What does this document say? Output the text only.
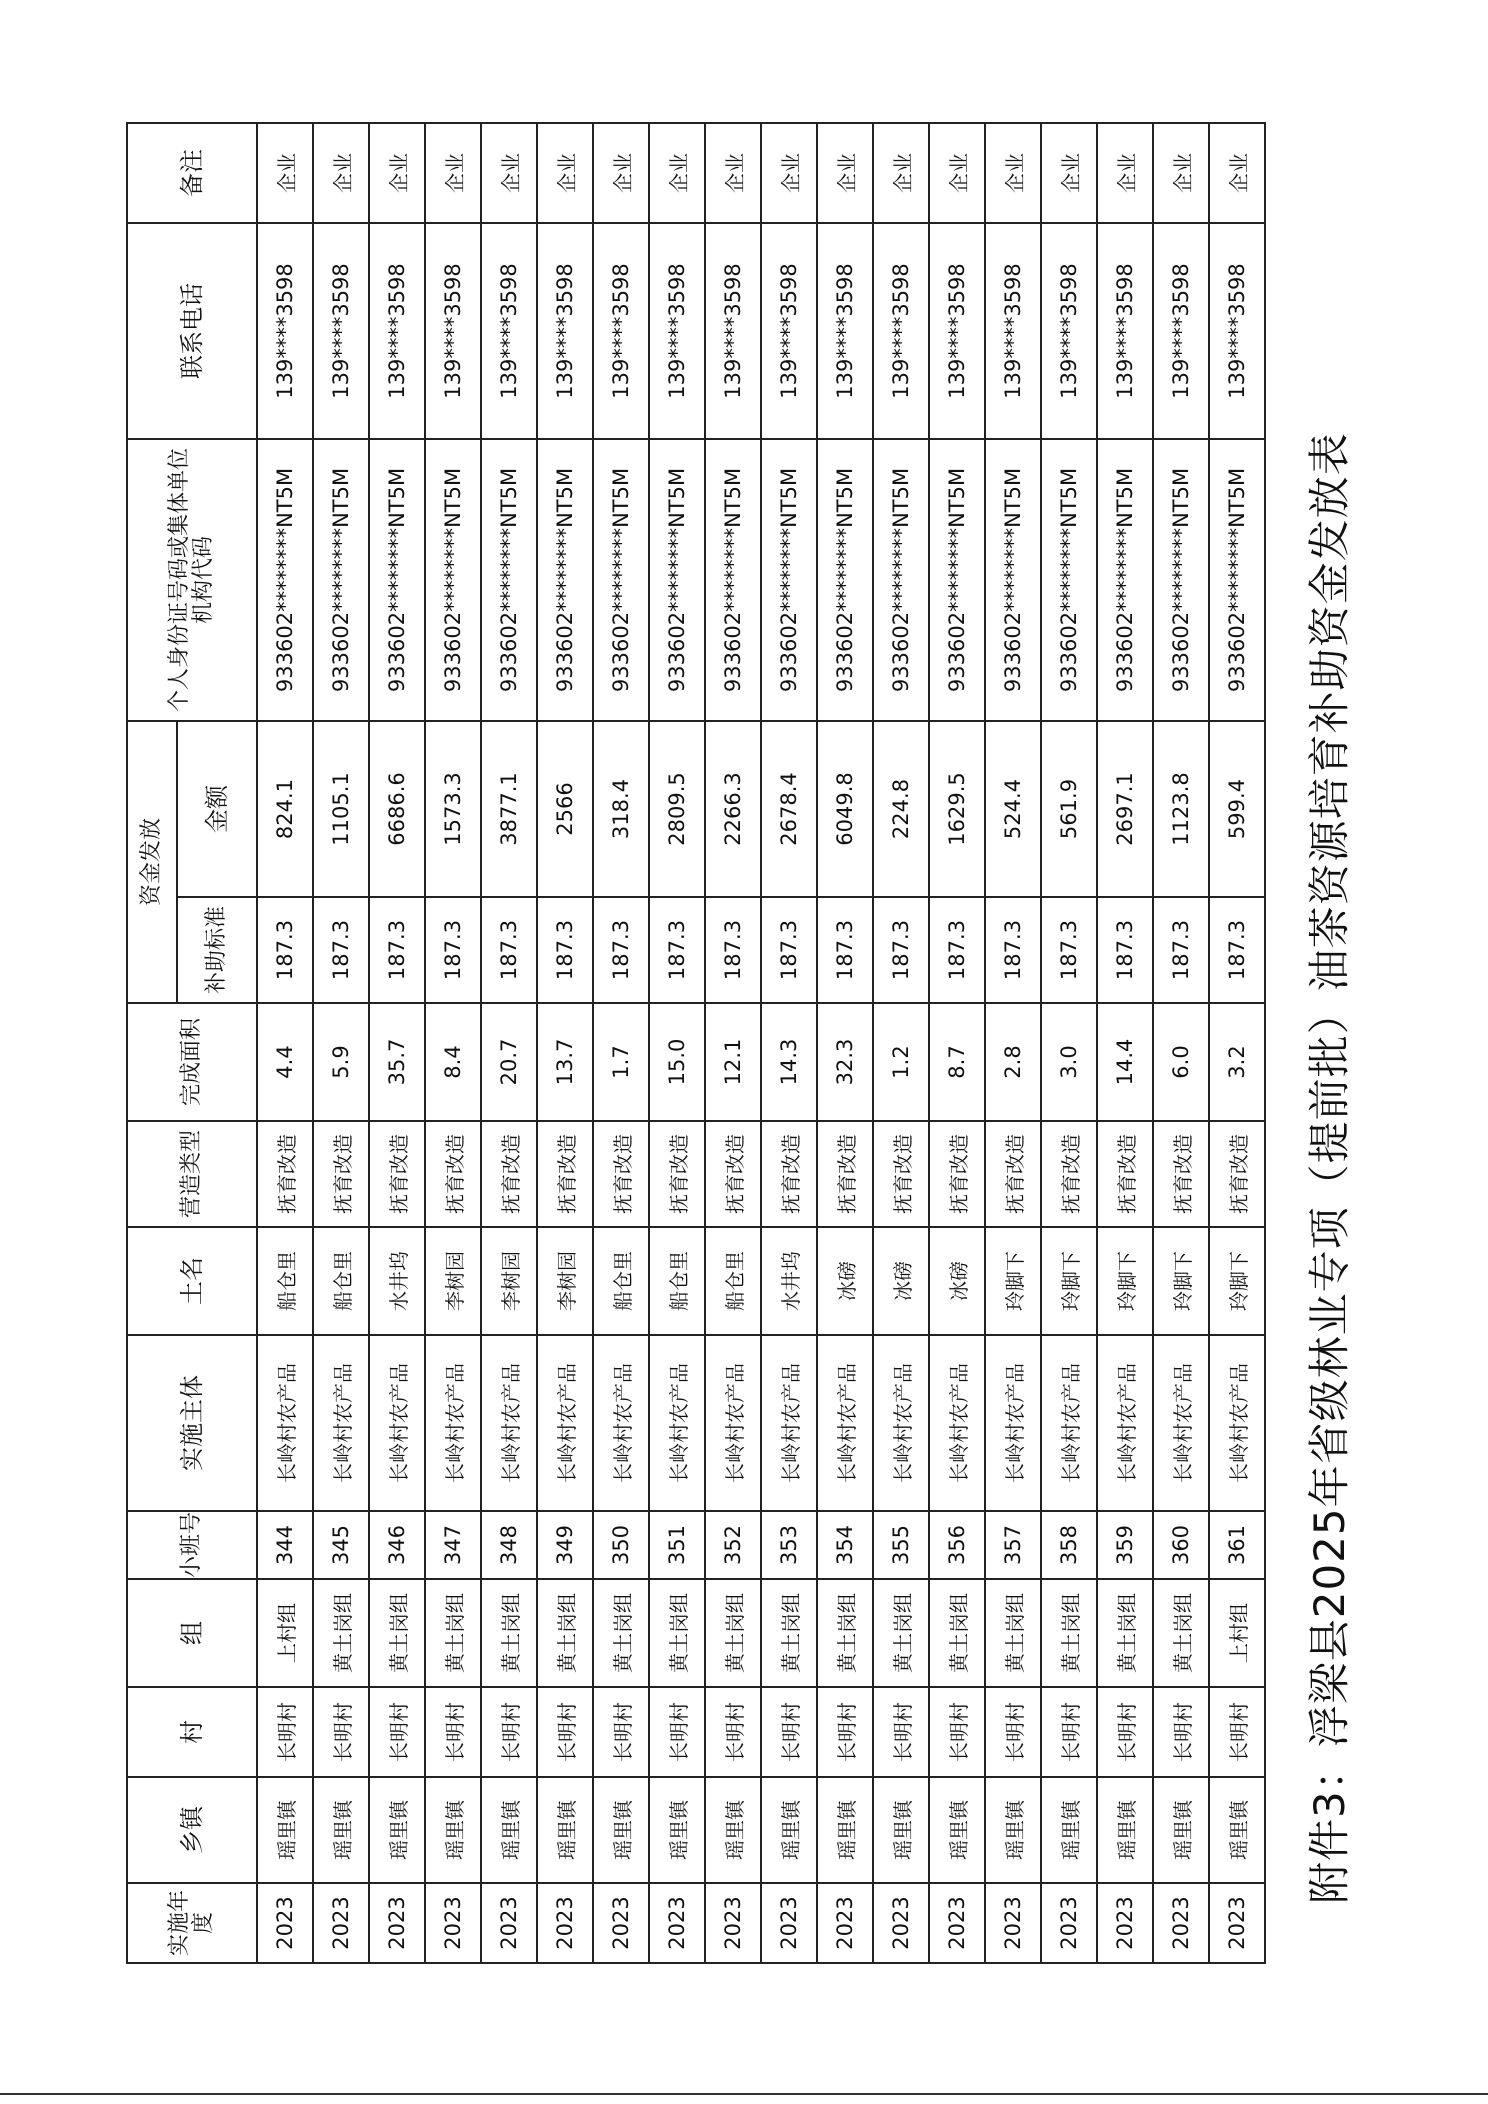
附件3：浮梁县2025年省级林业专项（提前批）油茶资源培育补助资金发放表
实施年度	乡镇	村	组	小班号	实施主体	土名	营造类型	完成面积	资金发放		个人身份证号码或集体单位机构代码	联系电话	备注
									补助标准	金额			
2023	瑶里镇	长明村	上村组	344	长岭村农产品	船仓里	抚育改造	4.4	187.3	824.1	933602********NT5M	139****3598	企业
2023	瑶里镇	长明村	黄土岗组	345	长岭村农产品	船仓里	抚育改造	5.9	187.3	1105.1	933602********NT5M	139****3598	企业
2023	瑶里镇	长明村	黄土岗组	346	长岭村农产品	水井坞	抚育改造	35.7	187.3	6686.6	933602********NT5M	139****3598	企业
2023	瑶里镇	长明村	黄土岗组	347	长岭村农产品	李树园	抚育改造	8.4	187.3	1573.3	933602********NT5M	139****3598	企业
2023	瑶里镇	长明村	黄土岗组	348	长岭村农产品	李树园	抚育改造	20.7	187.3	3877.1	933602********NT5M	139****3598	企业
2023	瑶里镇	长明村	黄土岗组	349	长岭村农产品	李树园	抚育改造	13.7	187.3	2566	933602********NT5M	139****3598	企业
2023	瑶里镇	长明村	黄土岗组	350	长岭村农产品	船仓里	抚育改造	1.7	187.3	318.4	933602********NT5M	139****3598	企业
2023	瑶里镇	长明村	黄土岗组	351	长岭村农产品	船仓里	抚育改造	15.0	187.3	2809.5	933602********NT5M	139****3598	企业
2023	瑶里镇	长明村	黄土岗组	352	长岭村农产品	船仓里	抚育改造	12.1	187.3	2266.3	933602********NT5M	139****3598	企业
2023	瑶里镇	长明村	黄土岗组	353	长岭村农产品	水井坞	抚育改造	14.3	187.3	2678.4	933602********NT5M	139****3598	企业
2023	瑶里镇	长明村	黄土岗组	354	长岭村农产品	冰磅	抚育改造	32.3	187.3	6049.8	933602********NT5M	139****3598	企业
2023	瑶里镇	长明村	黄土岗组	355	长岭村农产品	冰磅	抚育改造	1.2	187.3	224.8	933602********NT5M	139****3598	企业
2023	瑶里镇	长明村	黄土岗组	356	长岭村农产品	冰磅	抚育改造	8.7	187.3	1629.5	933602********NT5M	139****3598	企业
2023	瑶里镇	长明村	黄土岗组	357	长岭村农产品	玲脚下	抚育改造	2.8	187.3	524.4	933602********NT5M	139****3598	企业
2023	瑶里镇	长明村	黄土岗组	358	长岭村农产品	玲脚下	抚育改造	3.0	187.3	561.9	933602********NT5M	139****3598	企业
2023	瑶里镇	长明村	黄土岗组	359	长岭村农产品	玲脚下	抚育改造	14.4	187.3	2697.1	933602********NT5M	139****3598	企业
2023	瑶里镇	长明村	黄土岗组	360	长岭村农产品	玲脚下	抚育改造	6.0	187.3	1123.8	933602********NT5M	139****3598	企业
2023	瑶里镇	长明村	上村组	361	长岭村农产品	玲脚下	抚育改造	3.2	187.3	599.4	933602********NT5M	139****3598	企业
